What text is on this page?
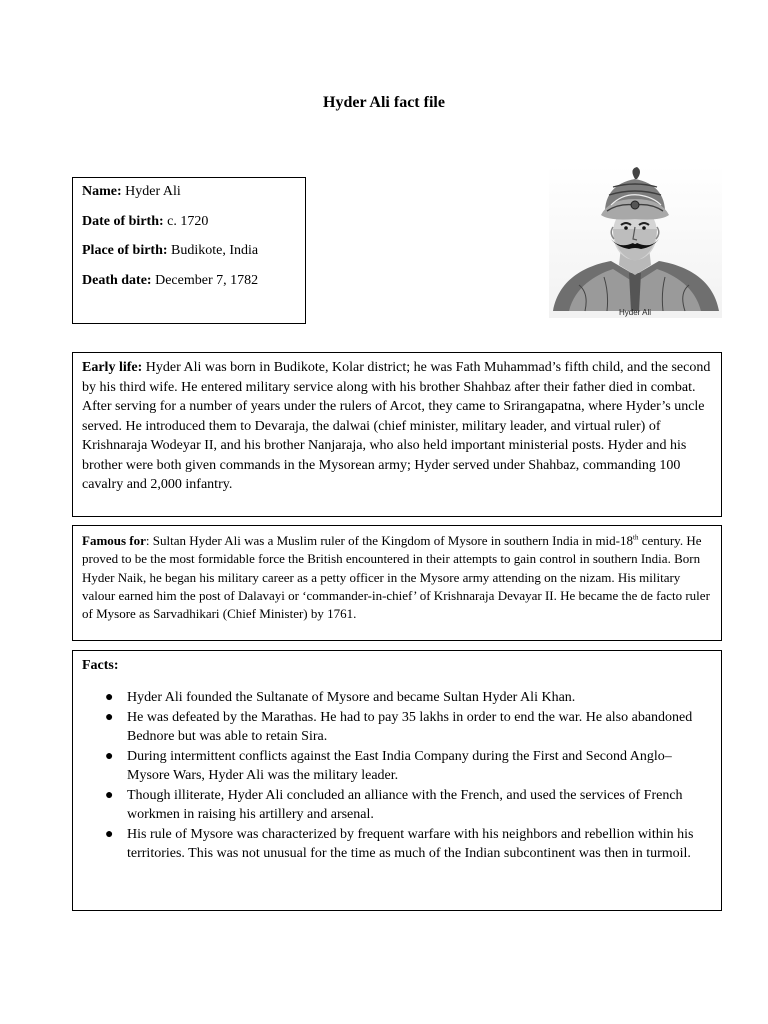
Hyder Ali fact file

Name: Hyder Ali

Date of birth: c. 1720

Place of birth: Budikote, India

Death date: December 7, 1782

Hyder Ali

Early life: Hyder Ali was born in Budikote, Kolar district; he was Fath Muhammad’s fifth child, and the second by his third wife. He entered military service along with his brother Shahbaz after their father died in combat. After serving for a number of years under the rulers of Arcot, they came to Srirangapatna, where Hyder’s uncle served. He introduced them to Devaraja, the dalwai (chief minister, military leader, and virtual ruler) of Krishnaraja Wodeyar II, and his brother Nanjaraja, who also held important ministerial posts. Hyder and his brother were both given commands in the Mysorean army; Hyder served under Shahbaz, commanding 100 cavalry and 2,000 infantry.

Famous for: Sultan Hyder Ali was a Muslim ruler of the Kingdom of Mysore in southern India in mid-18th century. He proved to be the most formidable force the British encountered in their attempts to gain control in southern India. Born Hyder Naik, he began his military career as a petty officer in the Mysore army attending on the nizam. His military valour earned him the post of Dalavayi or ‘commander-in-chief’ of Krishnaraja Devayar II. He became the de facto ruler of Mysore as Sarvadhikari (Chief Minister) by 1761.

Facts:
● Hyder Ali founded the Sultanate of Mysore and became Sultan Hyder Ali Khan.
● He was defeated by the Marathas. He had to pay 35 lakhs in order to end the war. He also abandoned Bednore but was able to retain Sira.
● During intermittent conflicts against the East India Company during the First and Second Anglo–Mysore Wars, Hyder Ali was the military leader.
● Though illiterate, Hyder Ali concluded an alliance with the French, and used the services of French workmen in raising his artillery and arsenal.
● His rule of Mysore was characterized by frequent warfare with his neighbors and rebellion within his territories. This was not unusual for the time as much of the Indian subcontinent was then in turmoil.
